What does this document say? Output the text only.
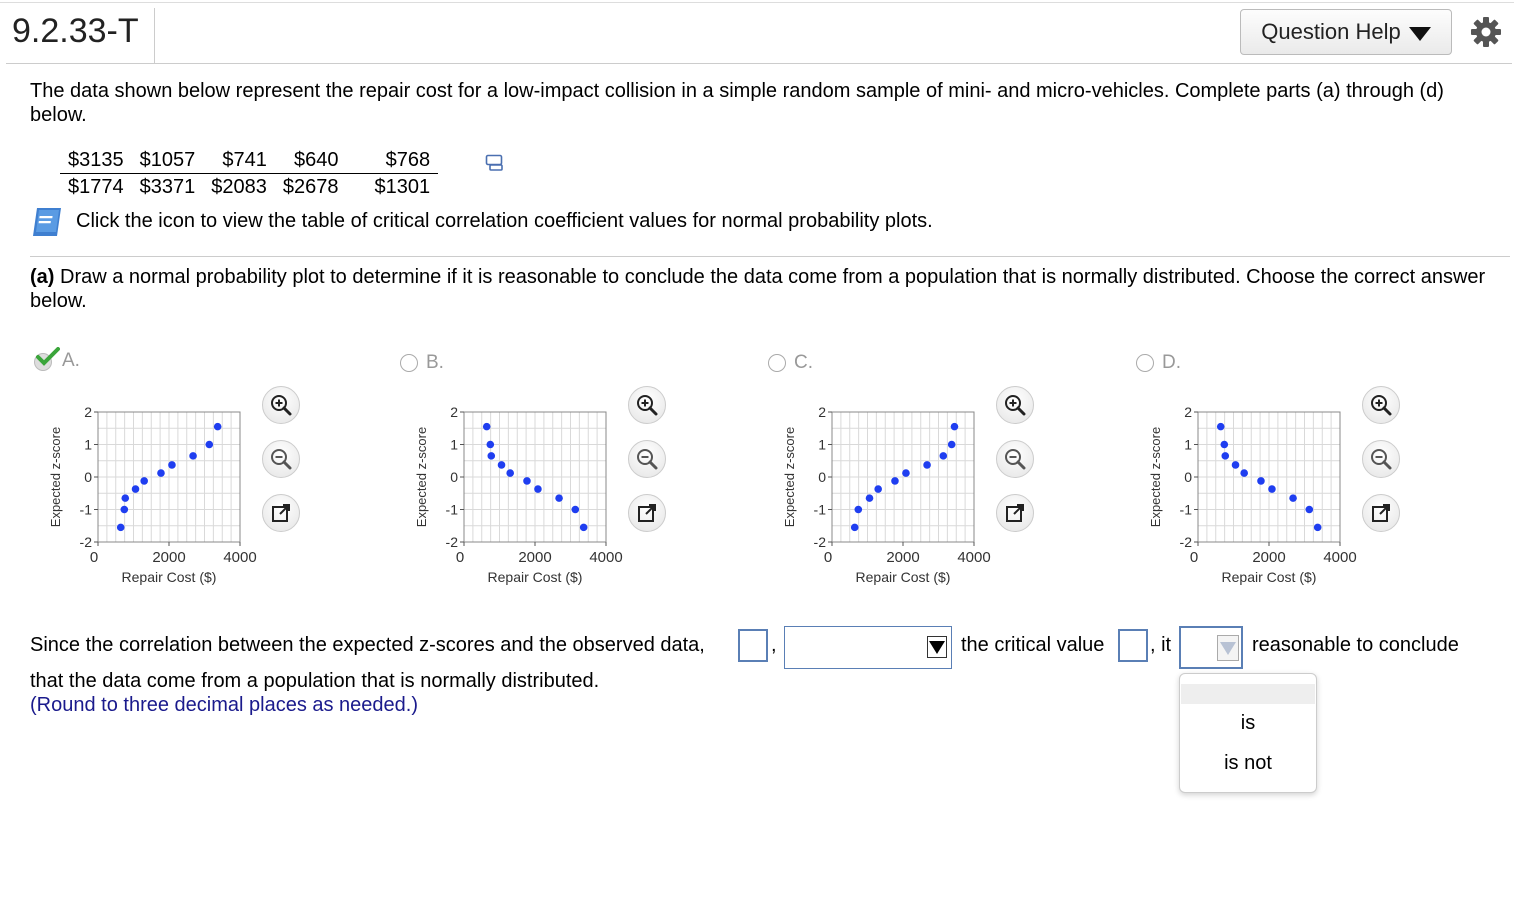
9.2.33-T	Question Help
The data shown below represent the repair cost for a low-impact collision in a simple random sample of mini- and micro-vehicles. Complete parts (a) through (d) below.
$3135	$1057	$741	$640	$768
$1774	$3371	$2083	$2678	$1301
Click the icon to view the table of critical correlation coefficient values for normal probability plots.
(a) Draw a normal probability plot to determine if it is reasonable to conclude the data come from a population that is normally distributed. Choose the correct answer below.
A.	B.	C.	D.
2
1
0
-1
-2
0	2000	4000
Repair Cost ($)
Expected z-score
2
1
0
-1
-2
0	2000	4000
Repair Cost ($)
Expected z-score
2
1
0
-1
-2
0	2000	4000
Repair Cost ($)
Expected z-score
2
1
0
-1
-2
0	2000	4000
Repair Cost ($)
Expected z-score
Since the correlation between the expected z-scores and the observed data,	,	the critical value , it	reasonable to conclude
that the data come from a population that is normally distributed.
(Round to three decimal places as needed.)
is
is not
